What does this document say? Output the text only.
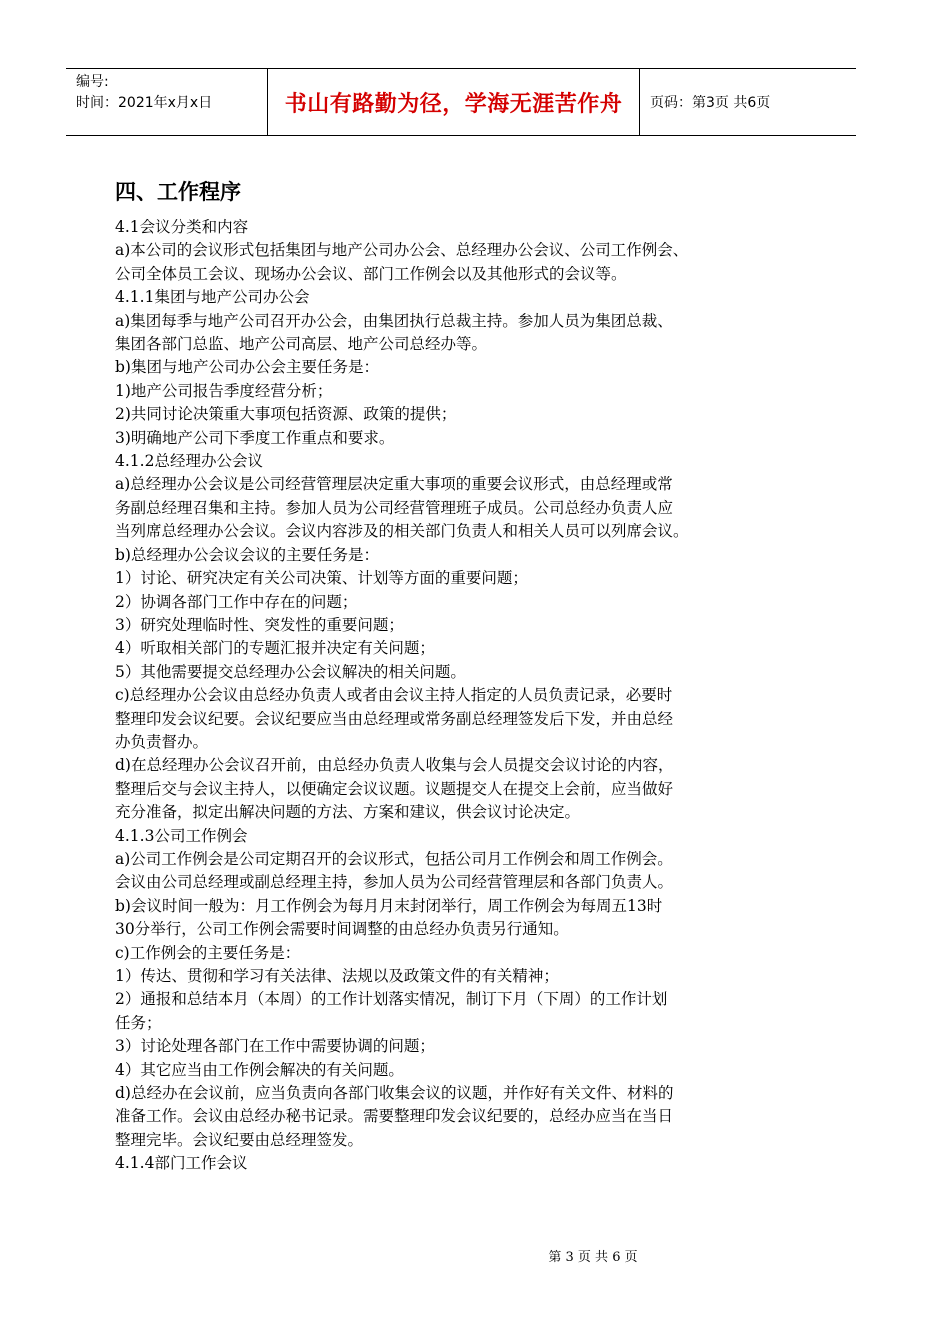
编号:
时间：2021年x月x日	书山有路勤为径，学海无涯苦作舟	页码：第3页 共6页
四、工作程序
4.1会议分类和内容
a)本公司的会议形式包括集团与地产公司办公会、总经理办公会议、公司工作例会、
公司全体员工会议、现场办公会议、部门工作例会以及其他形式的会议等。
4.1.1集团与地产公司办公会
a)集团每季与地产公司召开办公会，由集团执行总裁主持。参加人员为集团总裁、
集团各部门总监、地产公司高层、地产公司总经办等。
b)集团与地产公司办公会主要任务是：
1)地产公司报告季度经营分析；
2)共同讨论决策重大事项包括资源、政策的提供；
3)明确地产公司下季度工作重点和要求。
4.1.2总经理办公会议
a)总经理办公会议是公司经营管理层决定重大事项的重要会议形式，由总经理或常
务副总经理召集和主持。参加人员为公司经营管理班子成员。公司总经办负责人应
当列席总经理办公会议。会议内容涉及的相关部门负责人和相关人员可以列席会议。
b)总经理办公会议会议的主要任务是：
1）讨论、研究决定有关公司决策、计划等方面的重要问题；
2）协调各部门工作中存在的问题；
3）研究处理临时性、突发性的重要问题；
4）听取相关部门的专题汇报并决定有关问题；
5）其他需要提交总经理办公会议解决的相关问题。
c)总经理办公会议由总经办负责人或者由会议主持人指定的人员负责记录，必要时
整理印发会议纪要。会议纪要应当由总经理或常务副总经理签发后下发，并由总经
办负责督办。
d)在总经理办公会议召开前，由总经办负责人收集与会人员提交会议讨论的内容，
整理后交与会议主持人，以便确定会议议题。议题提交人在提交上会前，应当做好
充分准备，拟定出解决问题的方法、方案和建议，供会议讨论决定。
4.1.3公司工作例会
a)公司工作例会是公司定期召开的会议形式，包括公司月工作例会和周工作例会。
会议由公司总经理或副总经理主持，参加人员为公司经营管理层和各部门负责人。
b)会议时间一般为：月工作例会为每月月末封闭举行，周工作例会为每周五13时
30分举行，公司工作例会需要时间调整的由总经办负责另行通知。
c)工作例会的主要任务是：
1）传达、贯彻和学习有关法律、法规以及政策文件的有关精神；
2）通报和总结本月（本周）的工作计划落实情况，制订下月（下周）的工作计划
任务；
3）讨论处理各部门在工作中需要协调的问题；
4）其它应当由工作例会解决的有关问题。
d)总经办在会议前，应当负责向各部门收集会议的议题，并作好有关文件、材料的
准备工作。会议由总经办秘书记录。需要整理印发会议纪要的，总经办应当在当日
整理完毕。会议纪要由总经理签发。
4.1.4部门工作会议
第 3 页 共 6 页
